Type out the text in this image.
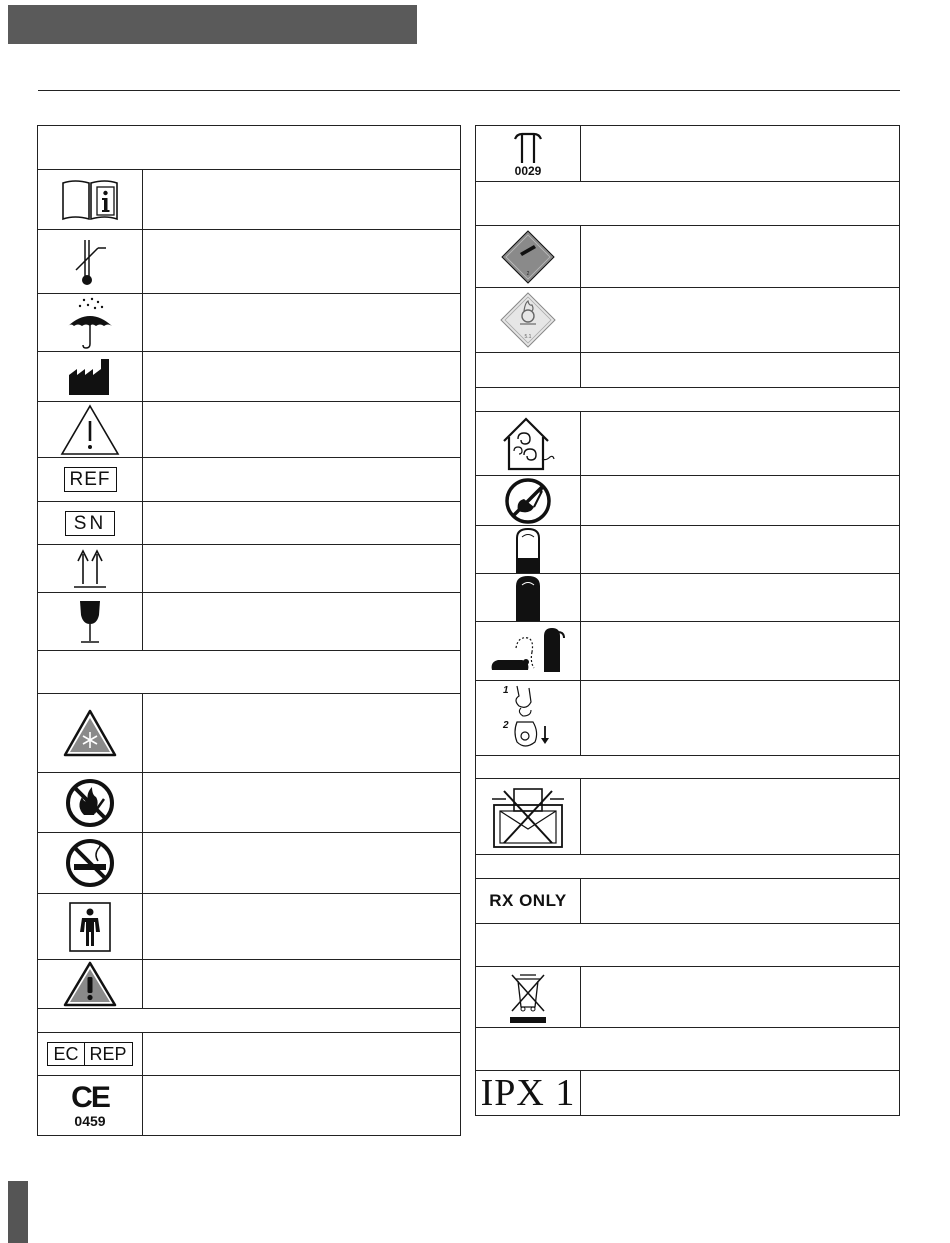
REF
SN
EC REP
CE
0459
0029
2
5.1
1
2
RX ONLY
IPX 1
